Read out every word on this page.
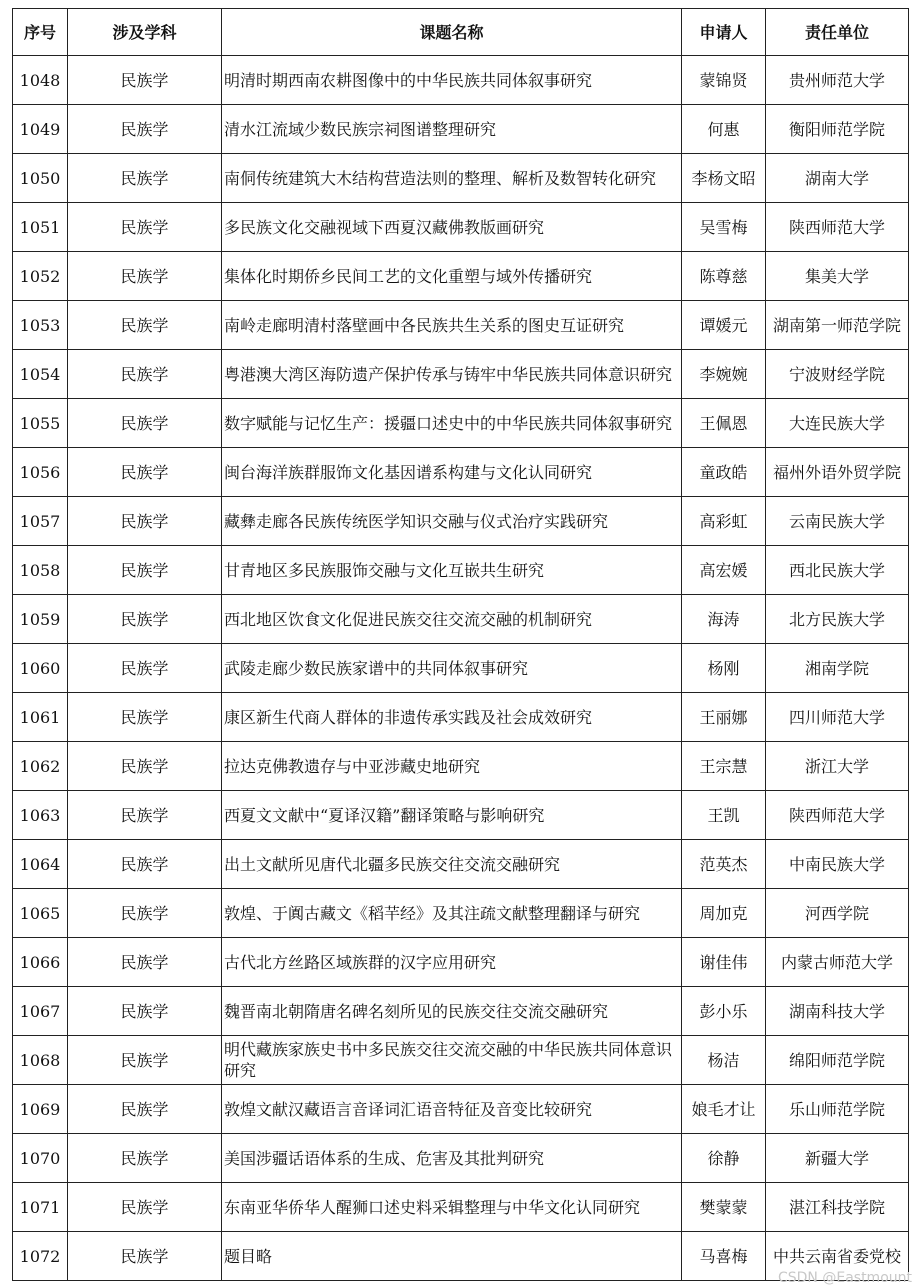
序号	涉及学科	课题名称	申请人	责任单位
1048	民族学	明清时期西南农耕图像中的中华民族共同体叙事研究	蒙锦贤	贵州师范大学
1049	民族学	清水江流域少数民族宗祠图谱整理研究	何惠	衡阳师范学院
1050	民族学	南侗传统建筑大木结构营造法则的整理、解析及数智转化研究	李杨文昭	湖南大学
1051	民族学	多民族文化交融视域下西夏汉藏佛教版画研究	吴雪梅	陕西师范大学
1052	民族学	集体化时期侨乡民间工艺的文化重塑与域外传播研究	陈尊慈	集美大学
1053	民族学	南岭走廊明清村落壁画中各民族共生关系的图史互证研究	谭媛元	湖南第一师范学院
1054	民族学	粤港澳大湾区海防遗产保护传承与铸牢中华民族共同体意识研究	李婉婉	宁波财经学院
1055	民族学	数字赋能与记忆生产：援疆口述史中的中华民族共同体叙事研究	王佩恩	大连民族大学
1056	民族学	闽台海洋族群服饰文化基因谱系构建与文化认同研究	童政皓	福州外语外贸学院
1057	民族学	藏彝走廊各民族传统医学知识交融与仪式治疗实践研究	高彩虹	云南民族大学
1058	民族学	甘青地区多民族服饰交融与文化互嵌共生研究	高宏媛	西北民族大学
1059	民族学	西北地区饮食文化促进民族交往交流交融的机制研究	海涛	北方民族大学
1060	民族学	武陵走廊少数民族家谱中的共同体叙事研究	杨刚	湘南学院
1061	民族学	康区新生代商人群体的非遗传承实践及社会成效研究	王丽娜	四川师范大学
1062	民族学	拉达克佛教遗存与中亚涉藏史地研究	王宗慧	浙江大学
1063	民族学	西夏文文献中“夏译汉籍”翻译策略与影响研究	王凯	陕西师范大学
1064	民族学	出土文献所见唐代北疆多民族交往交流交融研究	范英杰	中南民族大学
1065	民族学	敦煌、于阗古藏文《稻芉经》及其注疏文献整理翻译与研究	周加克	河西学院
1066	民族学	古代北方丝路区域族群的汉字应用研究	谢佳伟	内蒙古师范大学
1067	民族学	魏晋南北朝隋唐名碑名刻所见的民族交往交流交融研究	彭小乐	湖南科技大学
1068	民族学	明代藏族家族史书中多民族交往交流交融的中华民族共同体意识研究	杨洁	绵阳师范学院
1069	民族学	敦煌文献汉藏语言音译词汇语音特征及音变比较研究	娘毛才让	乐山师范学院
1070	民族学	美国涉疆话语体系的生成、危害及其批判研究	徐静	新疆大学
1071	民族学	东南亚华侨华人醒狮口述史料采辑整理与中华文化认同研究	樊蒙蒙	湛江科技学院
1072	民族学	题目略	马喜梅	中共云南省委党校
CSDN @Eastmount
